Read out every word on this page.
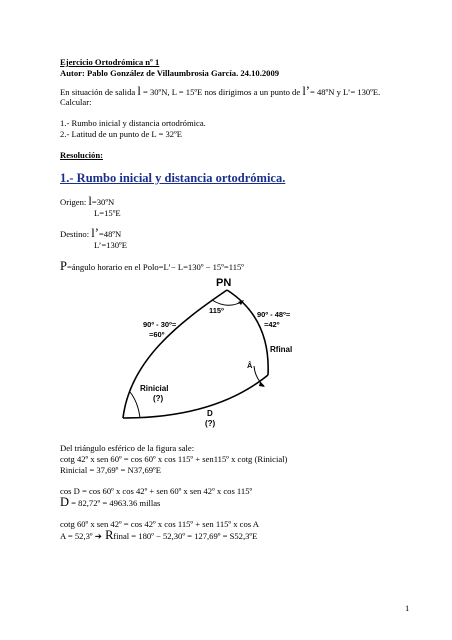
Ejercicio Ortodrómica nº 1
Autor: Pablo González de Villaumbrosia García. 24.10.2009
En situación de salida l = 30ºN, L = 15ºE nos dirigimos a un punto de l’= 48ºN y L’= 130ºE.
Calcular:
1.- Rumbo inicial y distancia ortodrómica.
2.- Latitud de un punto de L = 32ºE
Resolución:
1.- Rumbo inicial y distancia ortodrómica.
Origen: l=30ºN
L=15ºE
Destino: l’=48ºN
L’=130ºE
P=ángulo horario en el Polo=L’− L=130º − 15º=115º
PN
115º
90º - 30º=
=60º
90º - 48º=
=42º
Â
Rfinal
Rinicial
(?)
D
(?)
Del triángulo esférico de la figura sale:
cotg 42º x sen 60º = cos 60º x cos 115º + sen115º x cotg (Rinicial)
Rinicial = 37,69º = N37,69ºE
cos D = cos 60º x cos 42º + sen 60º x sen 42º x cos 115º
D = 82,72º = 4963.36 millas
cotg 60º x sen 42º = cos 42º x cos 115º + sen 115º x cos A
A = 52,3º ➔ Rfinal = 180º − 52,30º = 127,69º = S52,3ºE
1
